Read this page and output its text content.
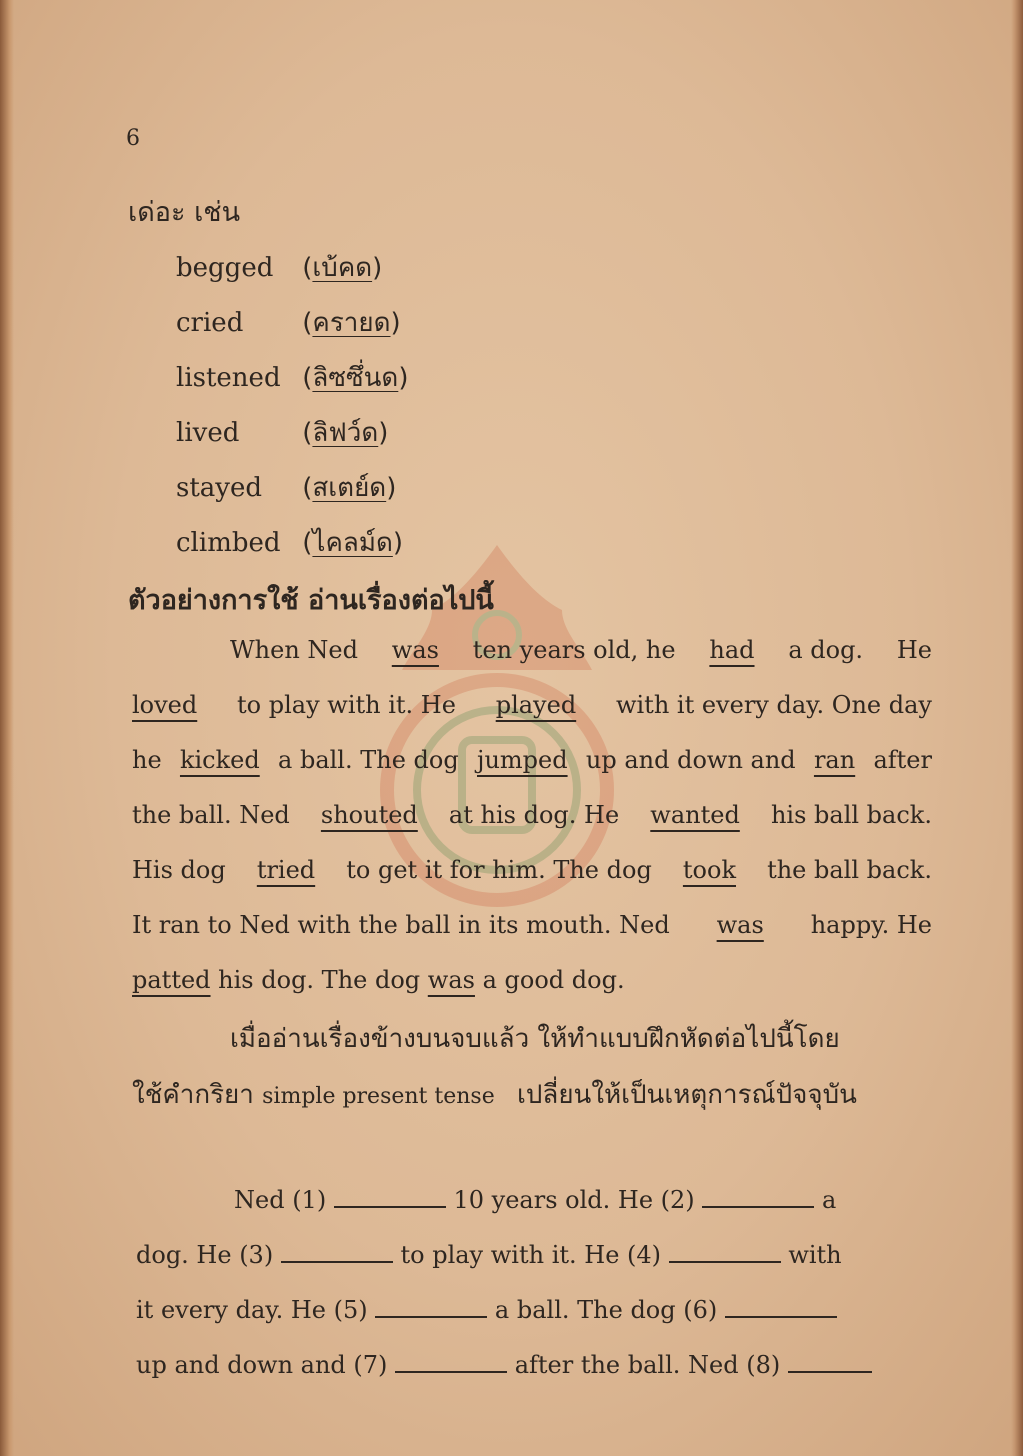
6
เด่อะ เช่น
begged (เบ้คด)
cried (ครายด)
listened (ลิซซึ่นด)
lived (ลิฟว์ด)
stayed (สเตย์ด)
climbed (ไคลม์ด)
ตัวอย่างการใช้ อ่านเรื่องต่อไปนี้
When Ned was ten years old, he had a dog. He
loved to play with it. He played with it every day. One day
he kicked a ball. The dog jumped up and down and ran after
the ball. Ned shouted at his dog. He wanted his ball back.
His dog tried to get it for him. The dog took the ball back.
It ran to Ned with the ball in its mouth. Ned was happy. He
patted his dog. The dog was a good dog.
เมื่ออ่านเรื่องข้างบนจบแล้ว ให้ทำแบบฝึกหัดต่อไปนี้โดย
ใช้คำกริยา simple present tense เปลี่ยนให้เป็นเหตุการณ์ปัจจุบัน
Ned (1)	10 years old. He (2)	a
dog. He (3)	to play with it. He (4)	with
it every day. He (5)	a ball. The dog (6)
up and down and (7)	after the ball. Ned (8)
